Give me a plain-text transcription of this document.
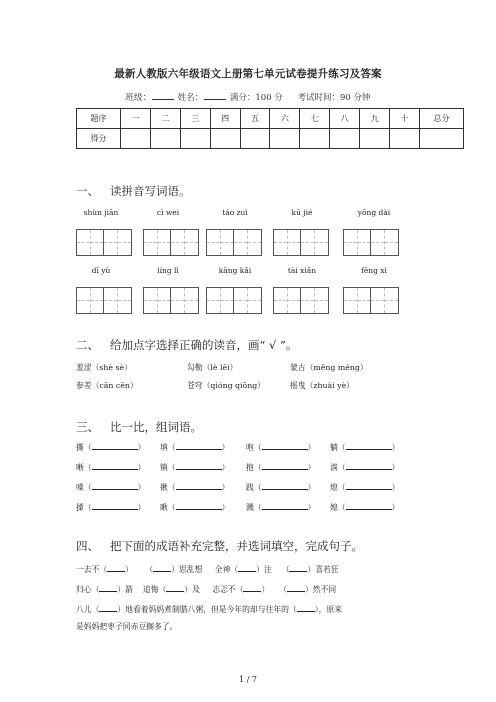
最新人教版六年级语文上册第七单元试卷提升练习及答案
班级：	姓名：	满分：100 分 考试时间：90 分钟
题序	一	二	三	四	五	六	七	八	九	十	总分
得分											
一、 读拼音写词语。
shùn jiān	cì wei	táo zuì	kū jié	yōng dài
dī yù	líng lì	kāng kǎi	tài xiǎn	fēng xì
二、 给加点字选择正确的读音，画“ √ ”。
羞涩（shè sè）	勾勒（lè lēi）	蒙古（měng méng）
参差（cān cēn）	苍穹（qióng qiōng）	摇曳（zhuài yè）
三、 比一比，组词语。
撕（	） 填（	） 咆（	） 躺（	）
晰（	） 镇（	） 抱（	） 淌（	）
嗓（	） 揪（	） 践（	） 熄（	）
搡（	） 瞅（	） 溅（	） 媳（	）
四、 把下面的成语补充完整，并选词填空，完成句子。
一去不（ ） （ ）思乱想 全神（ ）注 （ ）喜若狂
归心（ ）箭 追悔（ ）及 志忑不（ ） （ ）然不同
八儿（ ）地看着妈妈煮制腊八粥，但是今年的却与往年的（ ），原来
是妈妈把枣子同赤豆搁多了。
1 / 7
